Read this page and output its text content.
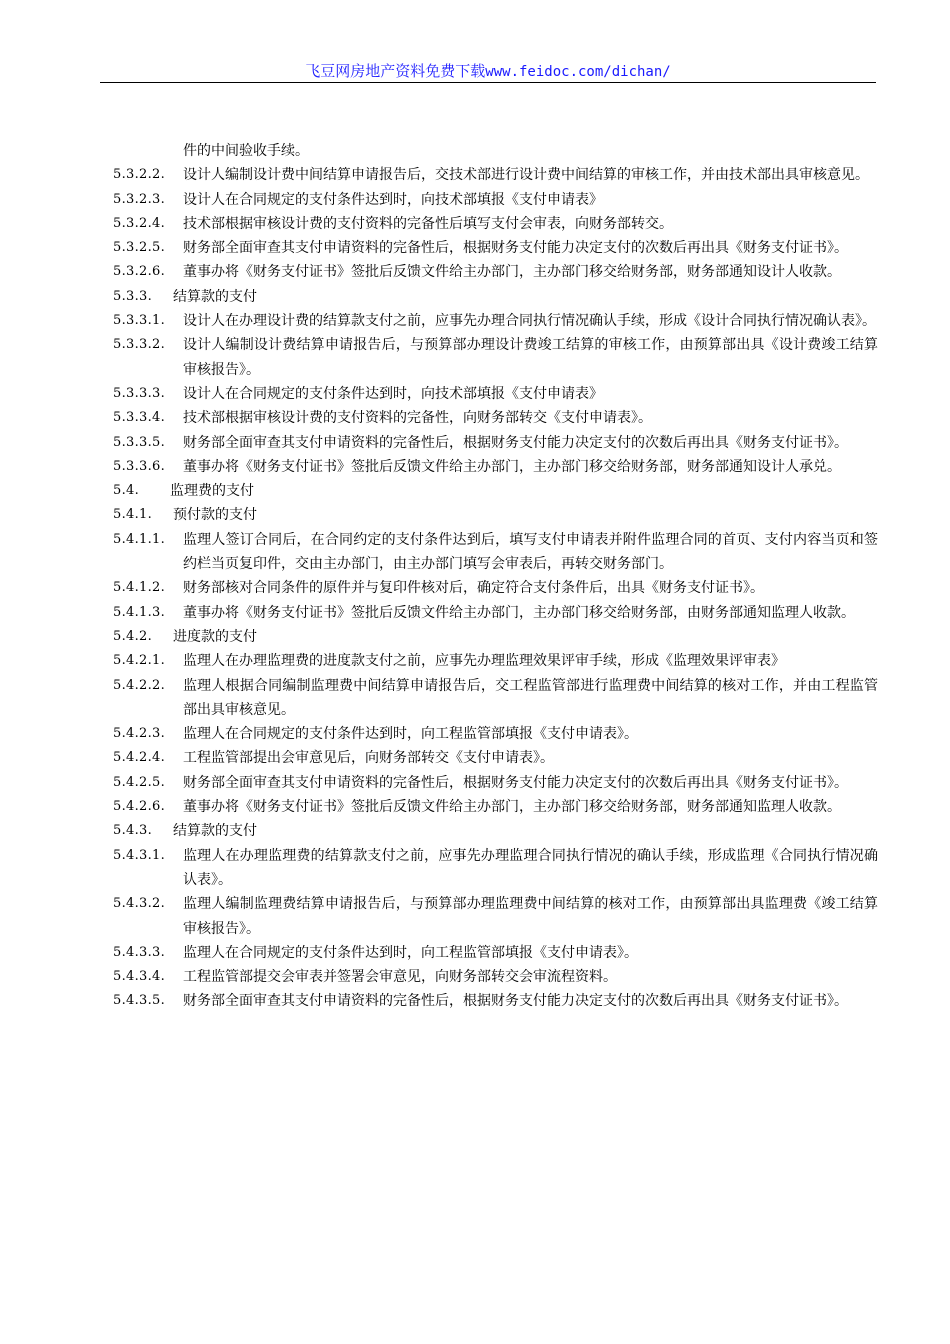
飞豆网房地产资料免费下载www.feidoc.com/dichan/
件的中间验收手续。
5.3.2.2.	设计人编制设计费中间结算申请报告后，交技术部进行设计费中间结算的审核工作，并由技术部出具审核意见。
5.3.2.3.	设计人在合同规定的支付条件达到时，向技术部填报《支付申请表》
5.3.2.4.	技术部根据审核设计费的支付资料的完备性后填写支付会审表，向财务部转交。
5.3.2.5.	财务部全面审查其支付申请资料的完备性后，根据财务支付能力决定支付的次数后再出具《财务支付证书》。
5.3.2.6.	董事办将《财务支付证书》签批后反馈文件给主办部门，主办部门移交给财务部，财务部通知设计人收款。
5.3.3.	结算款的支付
5.3.3.1.	设计人在办理设计费的结算款支付之前，应事先办理合同执行情况确认手续，形成《设计合同执行情况确认表》。
5.3.3.2.	设计人编制设计费结算申请报告后，与预算部办理设计费竣工结算的审核工作，由预算部出具《设计费竣工结算审核报告》。
5.3.3.3.	设计人在合同规定的支付条件达到时，向技术部填报《支付申请表》
5.3.3.4.	技术部根据审核设计费的支付资料的完备性，向财务部转交《支付申请表》。
5.3.3.5.	财务部全面审查其支付申请资料的完备性后，根据财务支付能力决定支付的次数后再出具《财务支付证书》。
5.3.3.6.	董事办将《财务支付证书》签批后反馈文件给主办部门，主办部门移交给财务部，财务部通知设计人承兑。
5.4.	监理费的支付
5.4.1.	预付款的支付
5.4.1.1.	监理人签订合同后，在合同约定的支付条件达到后，填写支付申请表并附件监理合同的首页、支付内容当页和签约栏当页复印件，交由主办部门，由主办部门填写会审表后，再转交财务部门。
5.4.1.2.	财务部核对合同条件的原件并与复印件核对后，确定符合支付条件后，出具《财务支付证书》。
5.4.1.3.	董事办将《财务支付证书》签批后反馈文件给主办部门，主办部门移交给财务部，由财务部通知监理人收款。
5.4.2.	进度款的支付
5.4.2.1.	监理人在办理监理费的进度款支付之前，应事先办理监理效果评审手续，形成《监理效果评审表》
5.4.2.2.	监理人根据合同编制监理费中间结算申请报告后，交工程监管部进行监理费中间结算的核对工作，并由工程监管部出具审核意见。
5.4.2.3.	监理人在合同规定的支付条件达到时，向工程监管部填报《支付申请表》。
5.4.2.4.	工程监管部提出会审意见后，向财务部转交《支付申请表》。
5.4.2.5.	财务部全面审查其支付申请资料的完备性后，根据财务支付能力决定支付的次数后再出具《财务支付证书》。
5.4.2.6.	董事办将《财务支付证书》签批后反馈文件给主办部门，主办部门移交给财务部，财务部通知监理人收款。
5.4.3.	结算款的支付
5.4.3.1.	监理人在办理监理费的结算款支付之前，应事先办理监理合同执行情况的确认手续，形成监理《合同执行情况确认表》。
5.4.3.2.	监理人编制监理费结算申请报告后，与预算部办理监理费中间结算的核对工作，由预算部出具监理费《竣工结算审核报告》。
5.4.3.3.	监理人在合同规定的支付条件达到时，向工程监管部填报《支付申请表》。
5.4.3.4.	工程监管部提交会审表并签署会审意见，向财务部转交会审流程资料。
5.4.3.5.	财务部全面审查其支付申请资料的完备性后，根据财务支付能力决定支付的次数后再出具《财务支付证书》。
